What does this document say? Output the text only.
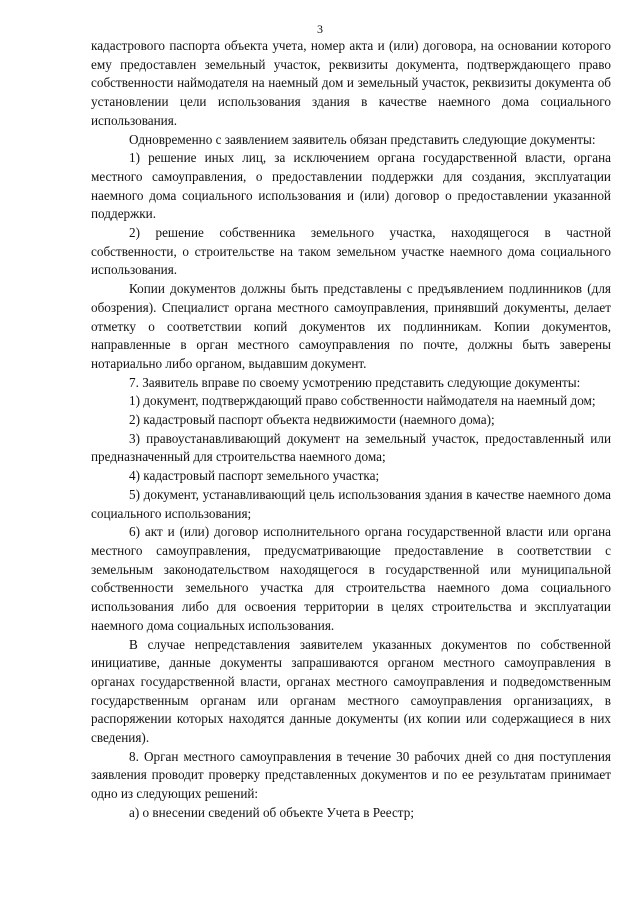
3

кадастрового паспорта объекта учета, номер акта и (или) договора, на основании которого ему предоставлен земельный участок, реквизиты документа, подтверждающего право собственности наймодателя на наемный дом и земельный участок, реквизиты документа об установлении цели использования здания в качестве наемного дома социального использования.

Одновременно с заявлением заявитель обязан представить следующие документы:

1) решение иных лиц, за исключением органа государственной власти, органа местного самоуправления, о предоставлении поддержки для создания, эксплуатации наемного дома социального использования и (или) договор о предоставлении указанной поддержки.

2) решение собственника земельного участка, находящегося в частной собственности, о строительстве на таком земельном участке наемного дома социального использования.

Копии документов должны быть представлены с предъявлением подлинников (для обозрения). Специалист органа местного самоуправления, принявший документы, делает отметку о соответствии копий документов их подлинникам. Копии документов, направленные в орган местного самоуправления по почте, должны быть заверены нотариально либо органом, выдавшим документ.

7. Заявитель вправе по своему усмотрению представить следующие документы:

1) документ, подтверждающий право собственности наймодателя на наемный дом;

2) кадастровый паспорт объекта недвижимости (наемного дома);

3) правоустанавливающий документ на земельный участок, предоставленный или предназначенный для строительства наемного дома;

4) кадастровый паспорт земельного участка;

5) документ, устанавливающий цель использования здания в качестве наемного дома социального использования;

6) акт и (или) договор исполнительного органа государственной власти или органа местного самоуправления, предусматривающие предоставление в соответствии с земельным законодательством находящегося в государственной или муниципальной собственности земельного участка для строительства наемного дома социального использования либо для освоения территории в целях строительства и эксплуатации наемного дома социальных использования.

В случае непредставления заявителем указанных документов по собственной инициативе, данные документы запрашиваются органом местного самоуправления в органах государственной власти, органах местного самоуправления и подведомственным государственным органам или органам местного самоуправления организациях, в распоряжении которых находятся данные документы (их копии или содержащиеся в них сведения).

8. Орган местного самоуправления в течение 30 рабочих дней со дня поступления заявления проводит проверку представленных документов и по ее результатам принимает одно из следующих решений:

а) о внесении сведений об объекте Учета в Реестр;
